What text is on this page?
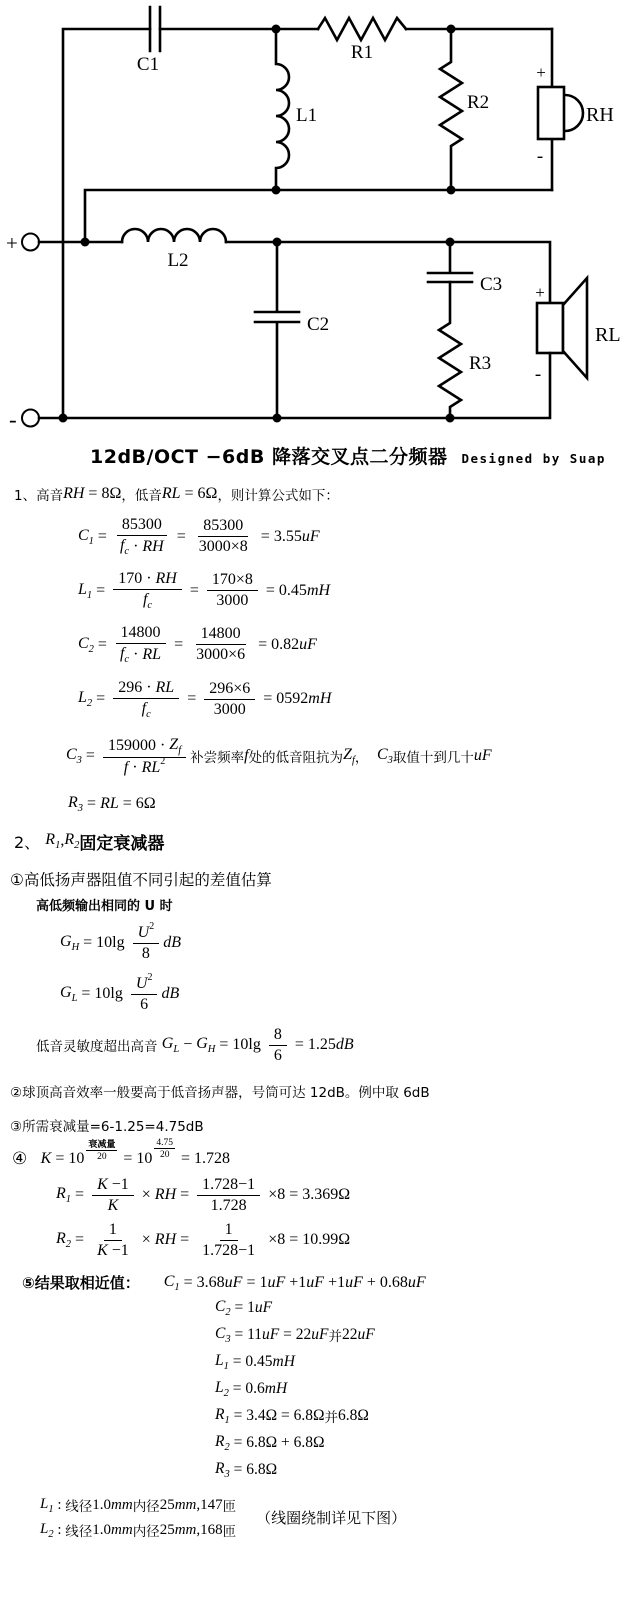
C1
R1
L1
R2
RH
+
-
L2
C2
C3
R3
RL
+
-
+
-
12dB/OCT −6dB 降落交叉点二分频器 Designed by Suap
1、高音 RH = 8Ω ，低音 RL = 6Ω ，则计算公式如下：
$C_1 = \frac{85300}{f_c \cdot RH} = \frac{85300}{3000\times 8} = 3.55$ uF
$L_1 = \frac{170 \cdot RH}{f_c} = \frac{170\times 8}{3000} = 0.45$ mH
$C_2 = \frac{14800}{f_c \cdot RL} = \frac{14800}{3000\times 6} = 0.82$ uF
$L_2 = \frac{296 \cdot RL}{f_c} = \frac{296\times 6}{3000} = 0592$ mH
$C_3 = \frac{159000 \cdot Z_f}{f \cdot RL 2}$ 补尝频率 f 处的低音阻抗为 $Z_f$ ， $C_3$ 取值十到几十 uF
$R_3$ = RL = 6Ω
2、 $R_1$ , $R_2$ 固定衰减器
①高低扬声器阻值不同引起的差值估算
高低频输出相同的 U 时
$G_H = 10\lg \frac{U 2}{8}$ dB
$G_L = 10\lg \frac{U 2}{6}$ dB
低音灵敏度超出高音 $G_L - G_H = 10\lg \frac{8}{6} = 1.25$ dB
②球顶高音效率一般要高于低音扬声器，号筒可达 12dB。例中取 6dB
③所需衰减量=6-1.25=4.75dB
④
$K = 10 \frac{\text{衰减量}}{20} = 10 \frac{4.75}{20} = 1.728$
$R_1 = \frac{K -1}{K}$ × RH = $\frac{1.728-1}{1.728} \times 8 = 3.369\Omega$
$R_2 = \frac{1}{K -1}$ × RH = $\frac{1}{1.728-1} \times 8 = 10.99\Omega$
⑤结果取相近值： $C_1 = 3.68$ uF = 1 uF +1 uF +1 uF + 0.68 uF
$C_2 = 1$ uF
$C_3 = 11$ uF = 22 uF 并 22 uF
$L_1 = 0.45$ mH
$L_2 = 0.6$ mH
$R_1 = 3.4\Omega = 6.8\Omega$ 并 6.8Ω
$R_2 = 6.8\Omega + 6.8\Omega$
$R_3 = 6.8\Omega$
$L_1$ : 线径 1.0 mm 内径 25 mm ,147 匝
$L_2$ : 线径 1.0 mm 内径 25 mm ,168 匝
（线圈绕制详见下图）
